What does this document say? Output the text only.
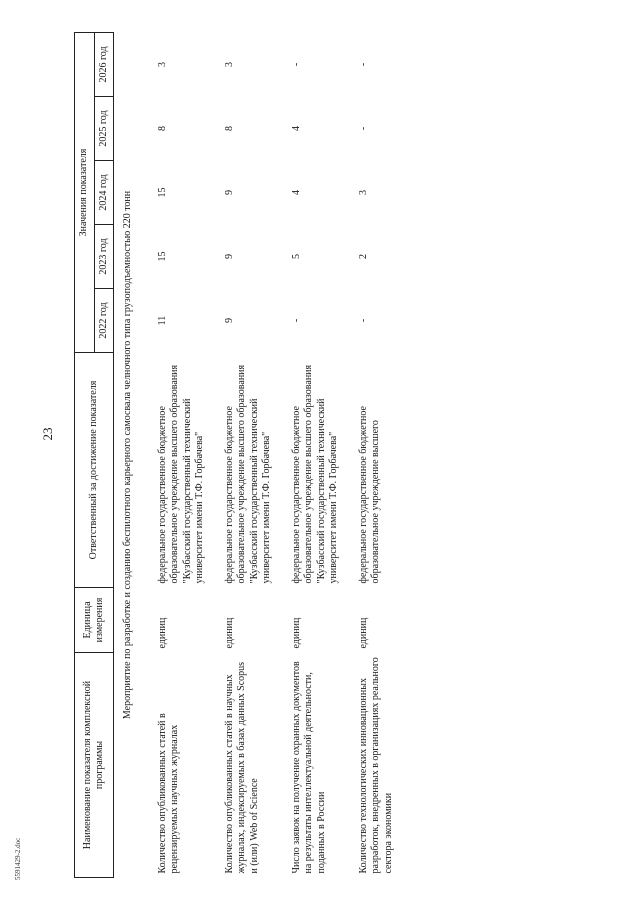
23
Наименование показателя комплексной программы	Единица измерения	Ответственный за достижение показателя	Значения показателя				
			2022 год	2023 год	2024 год	2025 год	2026 год
Мероприятие по разработке и созданию беспилотного карьерного самосвала челночного типа грузоподъемностью 220 тонн							
Количество опубликованных статей в рецензируемых научных журналах	единиц	федеральное государственное бюджетное образовательное учреждение высшего образования "Кузбасский государственный технический университет имени Т.Ф. Горбачева"	11	15	15	8	3
Количество опубликованных статей в научных журналах, индексируемых в базах данных Scopus и (или) Web of Science	единиц	федеральное государственное бюджетное образовательное учреждение высшего образования "Кузбасский государственный технический университет имени Т.Ф. Горбачева"	9	9	9	8	3
Число заявок на получение охранных документов на результаты интеллектуальной деятельности, поданных в России	единиц	федеральное государственное бюджетное образовательное учреждение высшего образования "Кузбасский государственный технический университет имени Т.Ф. Горбачева"	-	5	4	4	-
Количество технологических инновационных разработок, внедренных в организациях реального сектора экономики	единиц	федеральное государственное бюджетное образовательное учреждение высшего	-	2	3	-	-
5591429-2.doc
